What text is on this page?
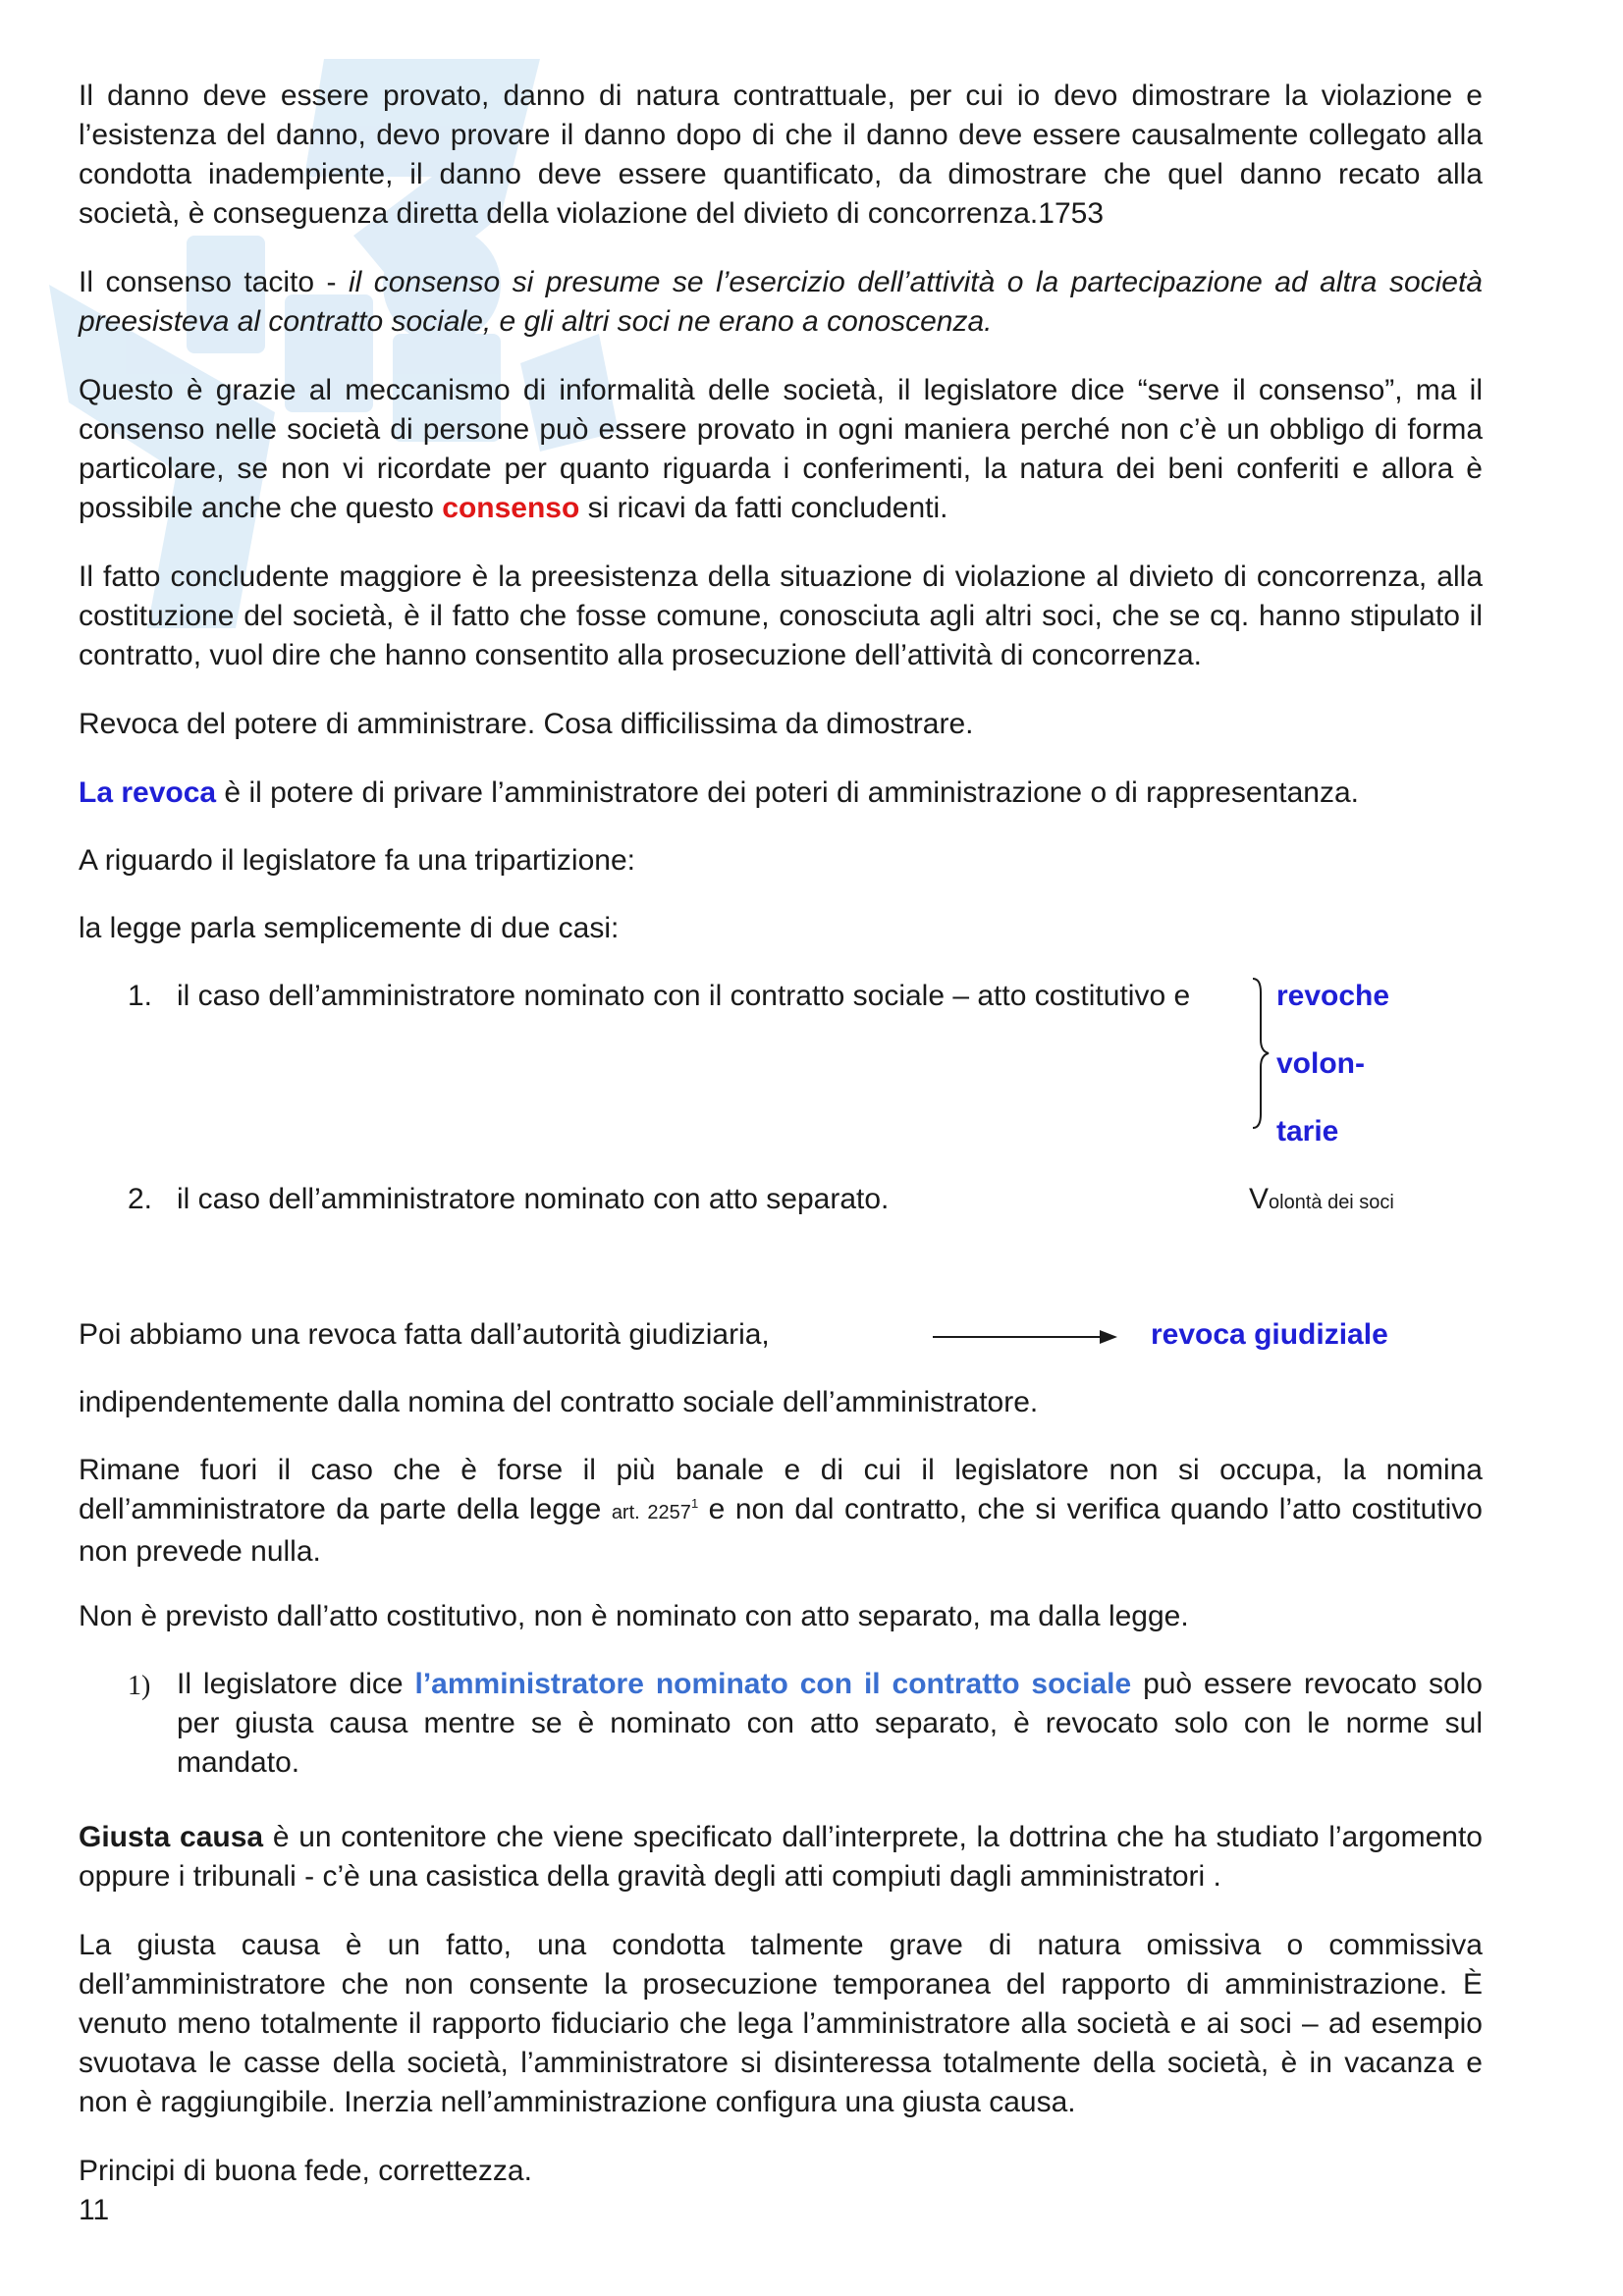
Il danno deve essere provato, danno di natura contrattuale, per cui io devo dimostrare la violazione e l’esistenza del danno, devo provare il danno dopo di che il danno deve essere causalmente collegato alla condotta inadempiente, il danno deve essere quantificato, da dimostrare che quel danno recato alla società, è conseguenza diretta della violazione del divieto di concorrenza.1753

Il consenso tacito - il consenso si presume se l’esercizio dell’attività o la partecipazione ad altra società preesisteva al contratto sociale, e gli altri soci ne erano a conoscenza.

Questo è grazie al meccanismo di informalità delle società, il legislatore dice “serve il consenso”, ma il consenso nelle società di persone può essere provato in ogni maniera perché non c’è un obbligo di forma particolare, se non vi ricordate per quanto riguarda i conferimenti, la natura dei beni conferiti e allora è possibile anche che questo consenso si ricavi da fatti concludenti.

Il fatto concludente maggiore è la preesistenza della situazione di violazione al divieto di concorrenza, alla costituzione del società, è il fatto che fosse comune, conosciuta agli altri soci, che se cq. hanno stipulato il contratto, vuol dire che hanno consentito alla prosecuzione dell’attività di concorrenza.

Revoca del potere di amministrare. Cosa difficilissima da dimostrare.

La revoca è il potere di privare l’amministratore dei poteri di amministrazione o di rappresentanza.

A riguardo il legislatore fa una tripartizione:

la legge parla semplicemente di due casi:

1. il caso dell’amministratore nominato con il contratto sociale – atto costitutivo e	revoche
volon-
tarie
2. il caso dell’amministratore nominato con atto separato.	Volontà dei soci

Poi abbiamo una revoca fatta dall’autorità giudiziaria,	revoca giudiziale

indipendentemente dalla nomina del contratto sociale dell’amministratore.

Rimane fuori il caso che è forse il più banale e di cui il legislatore non si occupa, la nomina dell’amministratore da parte della legge art. 2257$^1$ e non dal contratto, che si verifica quando l’atto costitutivo non prevede nulla.

Non è previsto dall’atto costitutivo, non è nominato con atto separato, ma dalla legge.

1) Il legislatore dice l’amministratore nominato con il contratto sociale può essere revocato solo per giusta causa mentre se è nominato con atto separato, è revocato solo con le norme sul mandato.

Giusta causa è un contenitore che viene specificato dall’interprete, la dottrina che ha studiato l’argomento oppure i tribunali - c’è una casistica della gravità degli atti compiuti dagli amministratori .

La giusta causa è un fatto, una condotta talmente grave di natura omissiva o commissiva dell’amministratore che non consente la prosecuzione temporanea del rapporto di amministrazione. È venuto meno totalmente il rapporto fiduciario che lega l’amministratore alla società e ai soci – ad esempio svuotava le casse della società, l’amministratore si disinteressa totalmente della società, è in vacanza e non è raggiungibile. Inerzia nell’amministrazione configura una giusta causa.

Principi di buona fede, correttezza.

11
